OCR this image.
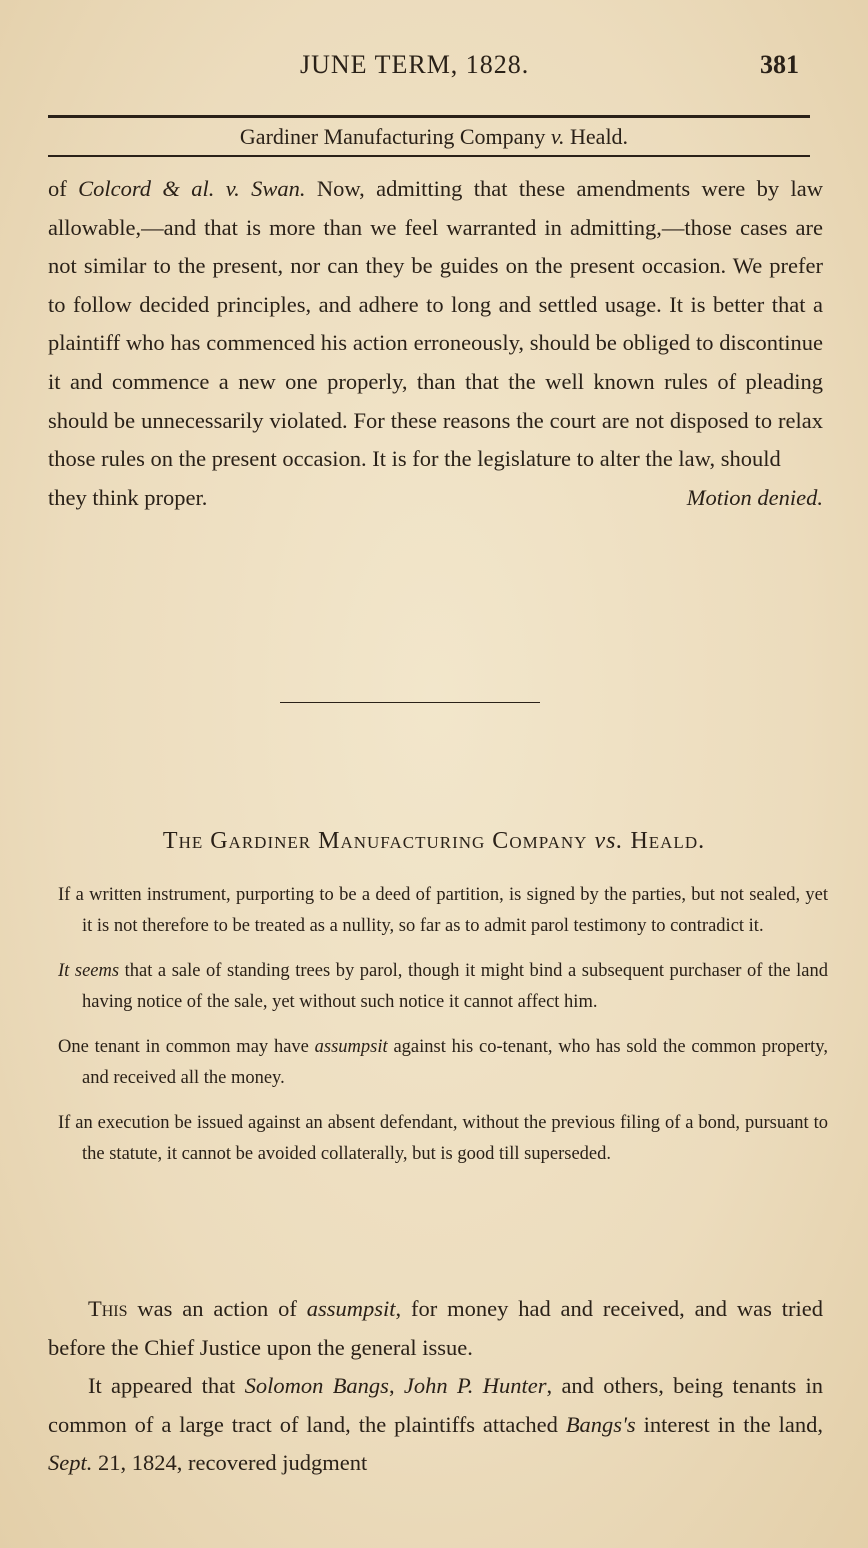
JUNE TERM, 1828.	381
Gardiner Manufacturing Company v. Heald.

of Colcord & al. v. Swan. Now, admitting that these amendments were by law allowable,—and that is more than we feel warranted in admitting,—those cases are not similar to the present, nor can they be guides on the present occasion. We prefer to follow decided principles, and adhere to long and settled usage. It is better that a plaintiff who has commenced his action erroneously, should be obliged to discontinue it and commence a new one properly, than that the well known rules of pleading should be unnecessarily violated. For these reasons the court are not disposed to relax those rules on the present occasion. It is for the legislature to alter the law, should

they think proper.	Motion denied.
The Gardiner Manufacturing Company vs. Heald.

If a written instrument, purporting to be a deed of partition, is signed by the parties, but not sealed, yet it is not therefore to be treated as a nullity, so far as to admit parol testimony to contradict it.

It seems that a sale of standing trees by parol, though it might bind a subsequent purchaser of the land having notice of the sale, yet without such notice it cannot affect him.

One tenant in common may have assumpsit against his co-tenant, who has sold the common property, and received all the money.

If an execution be issued against an absent defendant, without the previous filing of a bond, pursuant to the statute, it cannot be avoided collaterally, but is good till superseded.

This was an action of assumpsit, for money had and received, and was tried before the Chief Justice upon the general issue.

It appeared that Solomon Bangs, John P. Hunter, and others, being tenants in common of a large tract of land, the plaintiffs attached Bangs's interest in the land, Sept. 21, 1824, recovered judgment
